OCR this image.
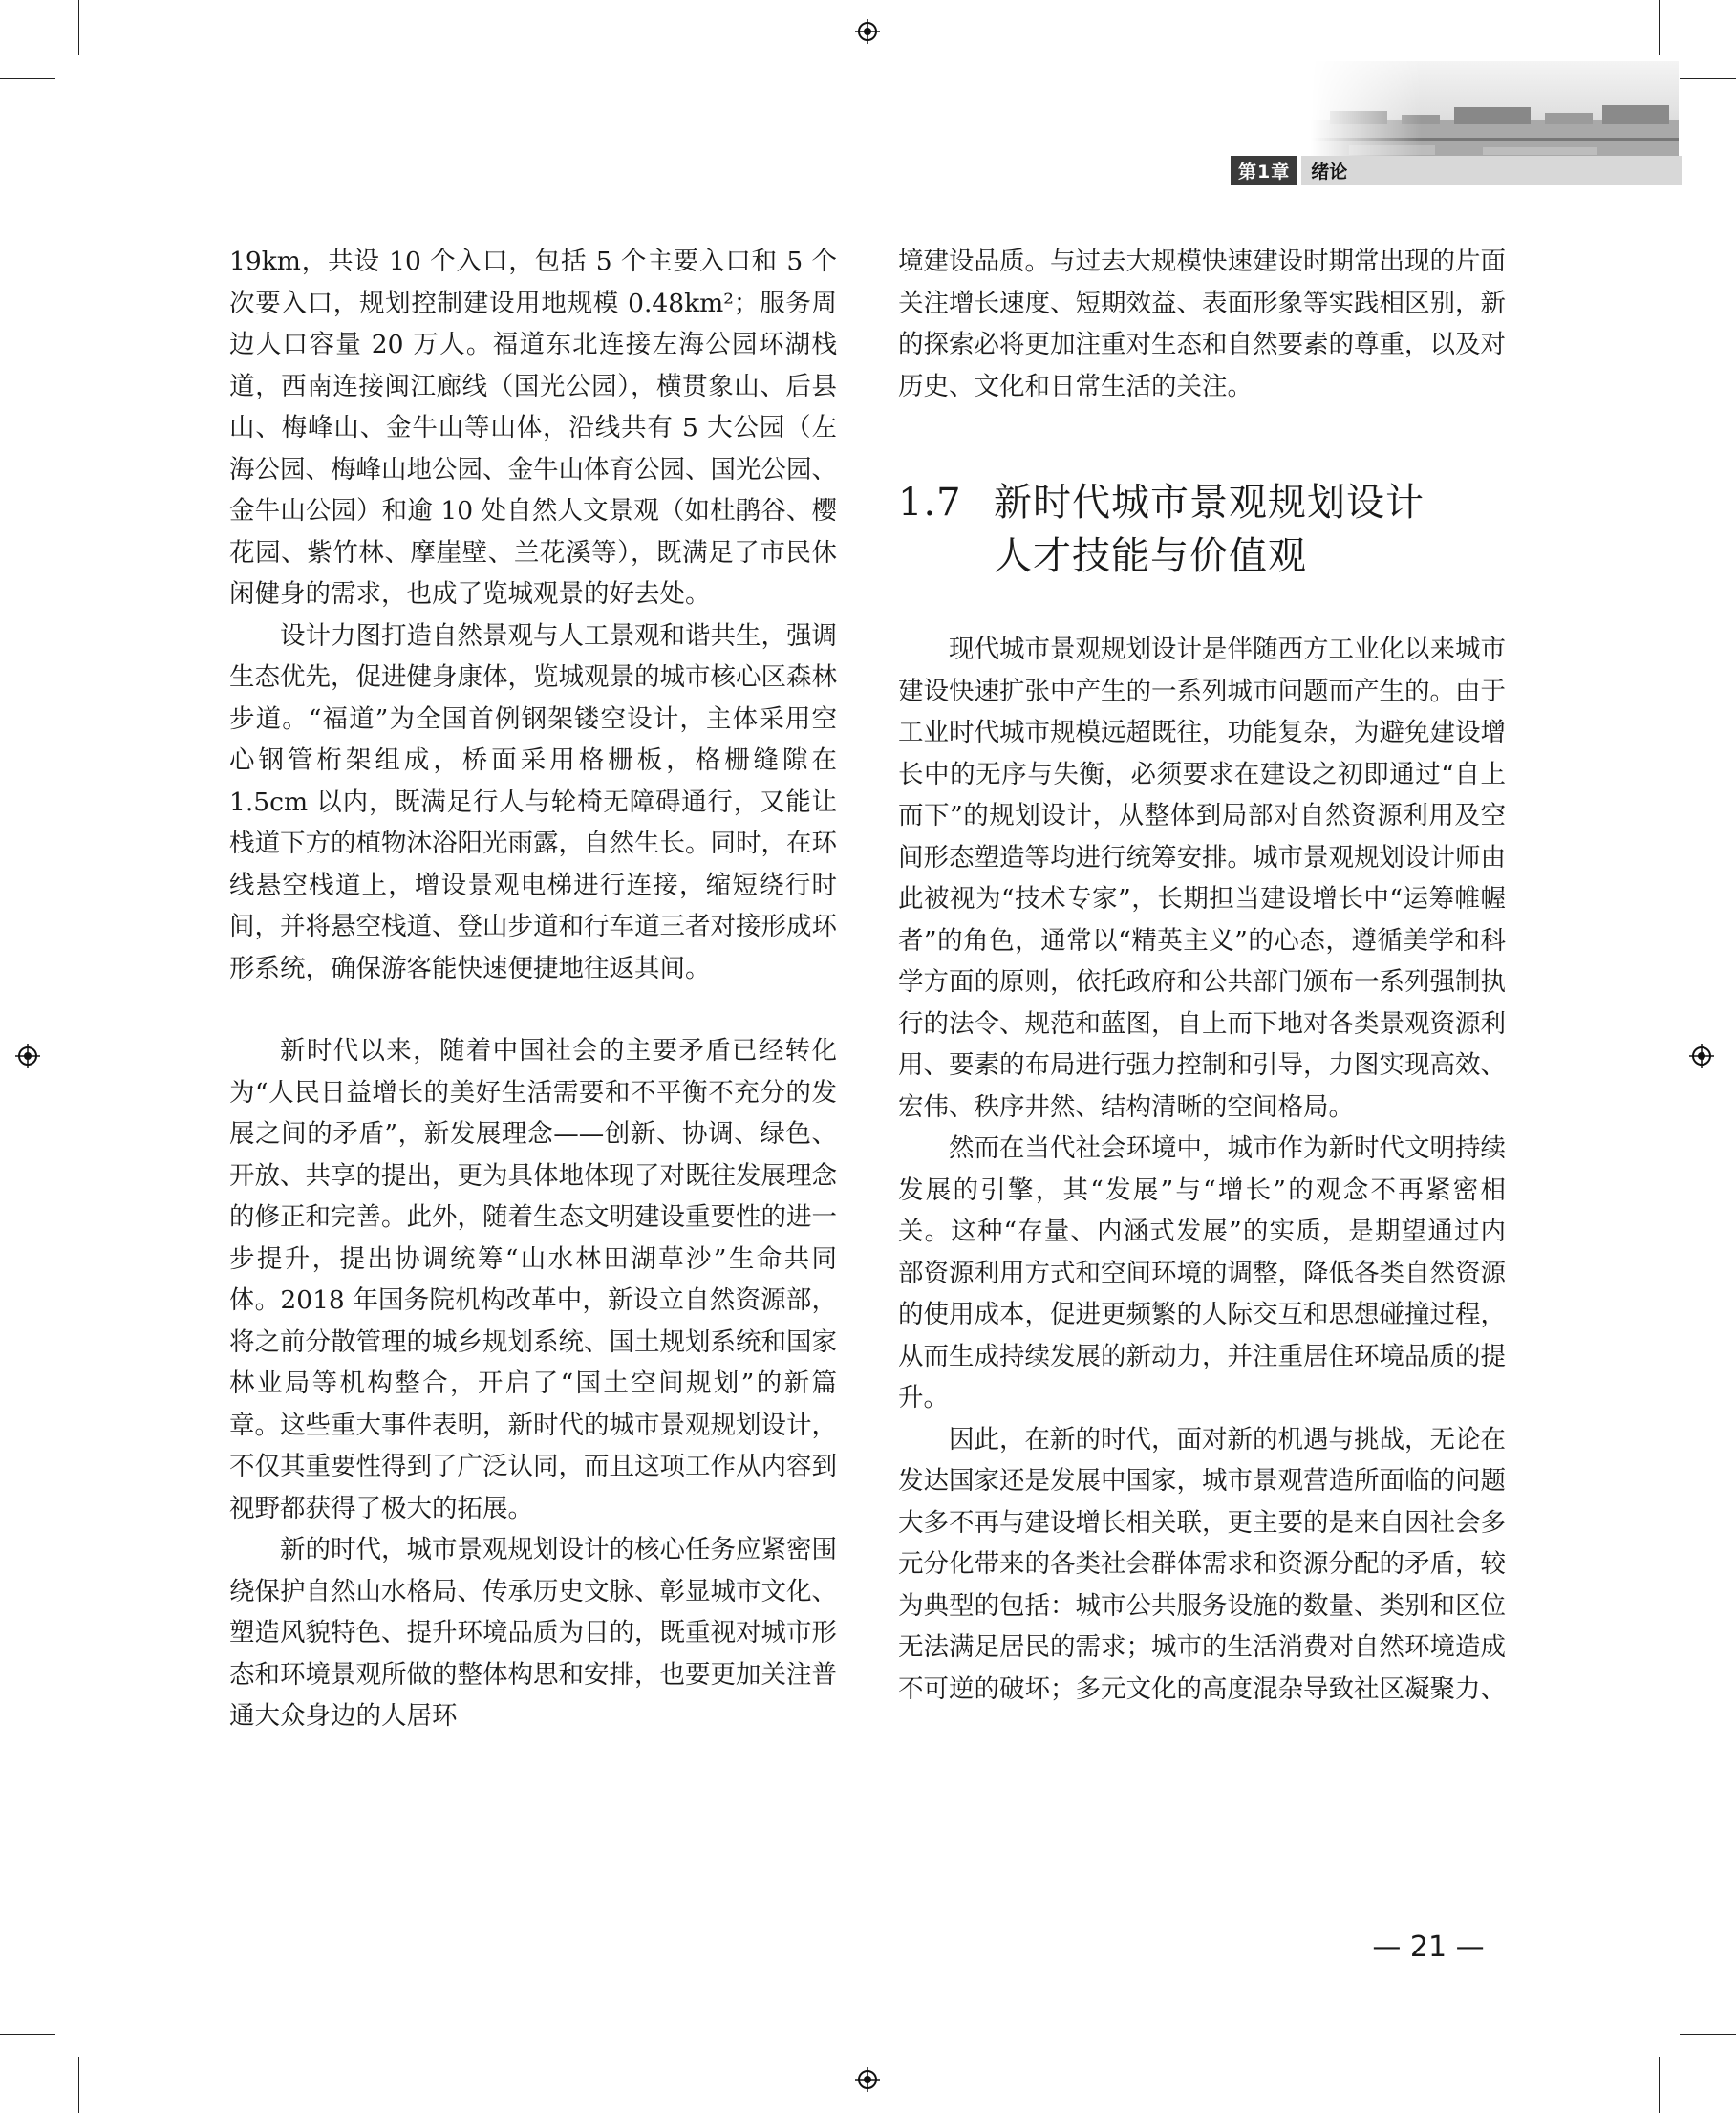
第1章	绪论

19km，共设 10 个入口，包括 5 个主要入口和 5 个次要入口，规划控制建设用地规模 0.48km²；服务周边人口容量 20 万人。福道东北连接左海公园环湖栈道，西南连接闽江廊线（国光公园），横贯象山、后县山、梅峰山、金牛山等山体，沿线共有 5 大公园（左海公园、梅峰山地公园、金牛山体育公园、国光公园、金牛山公园）和逾 10 处自然人文景观（如杜鹃谷、樱花园、紫竹林、摩崖壁、兰花溪等），既满足了市民休闲健身的需求，也成了览城观景的好去处。

设计力图打造自然景观与人工景观和谐共生，强调生态优先，促进健身康体，览城观景的城市核心区森林步道。“福道”为全国首例钢架镂空设计，主体采用空心钢管桁架组成，桥面采用格栅板，格栅缝隙在 1.5cm 以内，既满足行人与轮椅无障碍通行，又能让栈道下方的植物沐浴阳光雨露，自然生长。同时，在环线悬空栈道上，增设景观电梯进行连接，缩短绕行时间，并将悬空栈道、登山步道和行车道三者对接形成环形系统，确保游客能快速便捷地往返其间。

新时代以来，随着中国社会的主要矛盾已经转化为“人民日益增长的美好生活需要和不平衡不充分的发展之间的矛盾”，新发展理念——创新、协调、绿色、开放、共享的提出，更为具体地体现了对既往发展理念的修正和完善。此外，随着生态文明建设重要性的进一步提升，提出协调统筹“山水林田湖草沙”生命共同体。2018 年国务院机构改革中，新设立自然资源部，将之前分散管理的城乡规划系统、国土规划系统和国家林业局等机构整合，开启了“国土空间规划”的新篇章。这些重大事件表明，新时代的城市景观规划设计，不仅其重要性得到了广泛认同，而且这项工作从内容到视野都获得了极大的拓展。

新的时代，城市景观规划设计的核心任务应紧密围绕保护自然山水格局、传承历史文脉、彰显城市文化、塑造风貌特色、提升环境品质为目的，既重视对城市形态和环境景观所做的整体构思和安排，也要更加关注普通大众身边的人居环

境建设品质。与过去大规模快速建设时期常出现的片面关注增长速度、短期效益、表面形象等实践相区别，新的探索必将更加注重对生态和自然要素的尊重，以及对历史、文化和日常生活的关注。

1.7 新时代城市景观规划设计
人才技能与价值观

现代城市景观规划设计是伴随西方工业化以来城市建设快速扩张中产生的一系列城市问题而产生的。由于工业时代城市规模远超既往，功能复杂，为避免建设增长中的无序与失衡，必须要求在建设之初即通过“自上而下”的规划设计，从整体到局部对自然资源利用及空间形态塑造等均进行统筹安排。城市景观规划设计师由此被视为“技术专家”，长期担当建设增长中“运筹帷幄者”的角色，通常以“精英主义”的心态，遵循美学和科学方面的原则，依托政府和公共部门颁布一系列强制执行的法令、规范和蓝图，自上而下地对各类景观资源利用、要素的布局进行强力控制和引导，力图实现高效、宏伟、秩序井然、结构清晰的空间格局。

然而在当代社会环境中，城市作为新时代文明持续发展的引擎，其“发展”与“增长”的观念不再紧密相关。这种“存量、内涵式发展”的实质，是期望通过内部资源利用方式和空间环境的调整，降低各类自然资源的使用成本，促进更频繁的人际交互和思想碰撞过程，从而生成持续发展的新动力，并注重居住环境品质的提升。

因此，在新的时代，面对新的机遇与挑战，无论在发达国家还是发展中国家，城市景观营造所面临的问题大多不再与建设增长相关联，更主要的是来自因社会多元分化带来的各类社会群体需求和资源分配的矛盾，较为典型的包括：城市公共服务设施的数量、类别和区位无法满足居民的需求；城市的生活消费对自然环境造成不可逆的破坏；多元文化的高度混杂导致社区凝聚力、

— 21 —
